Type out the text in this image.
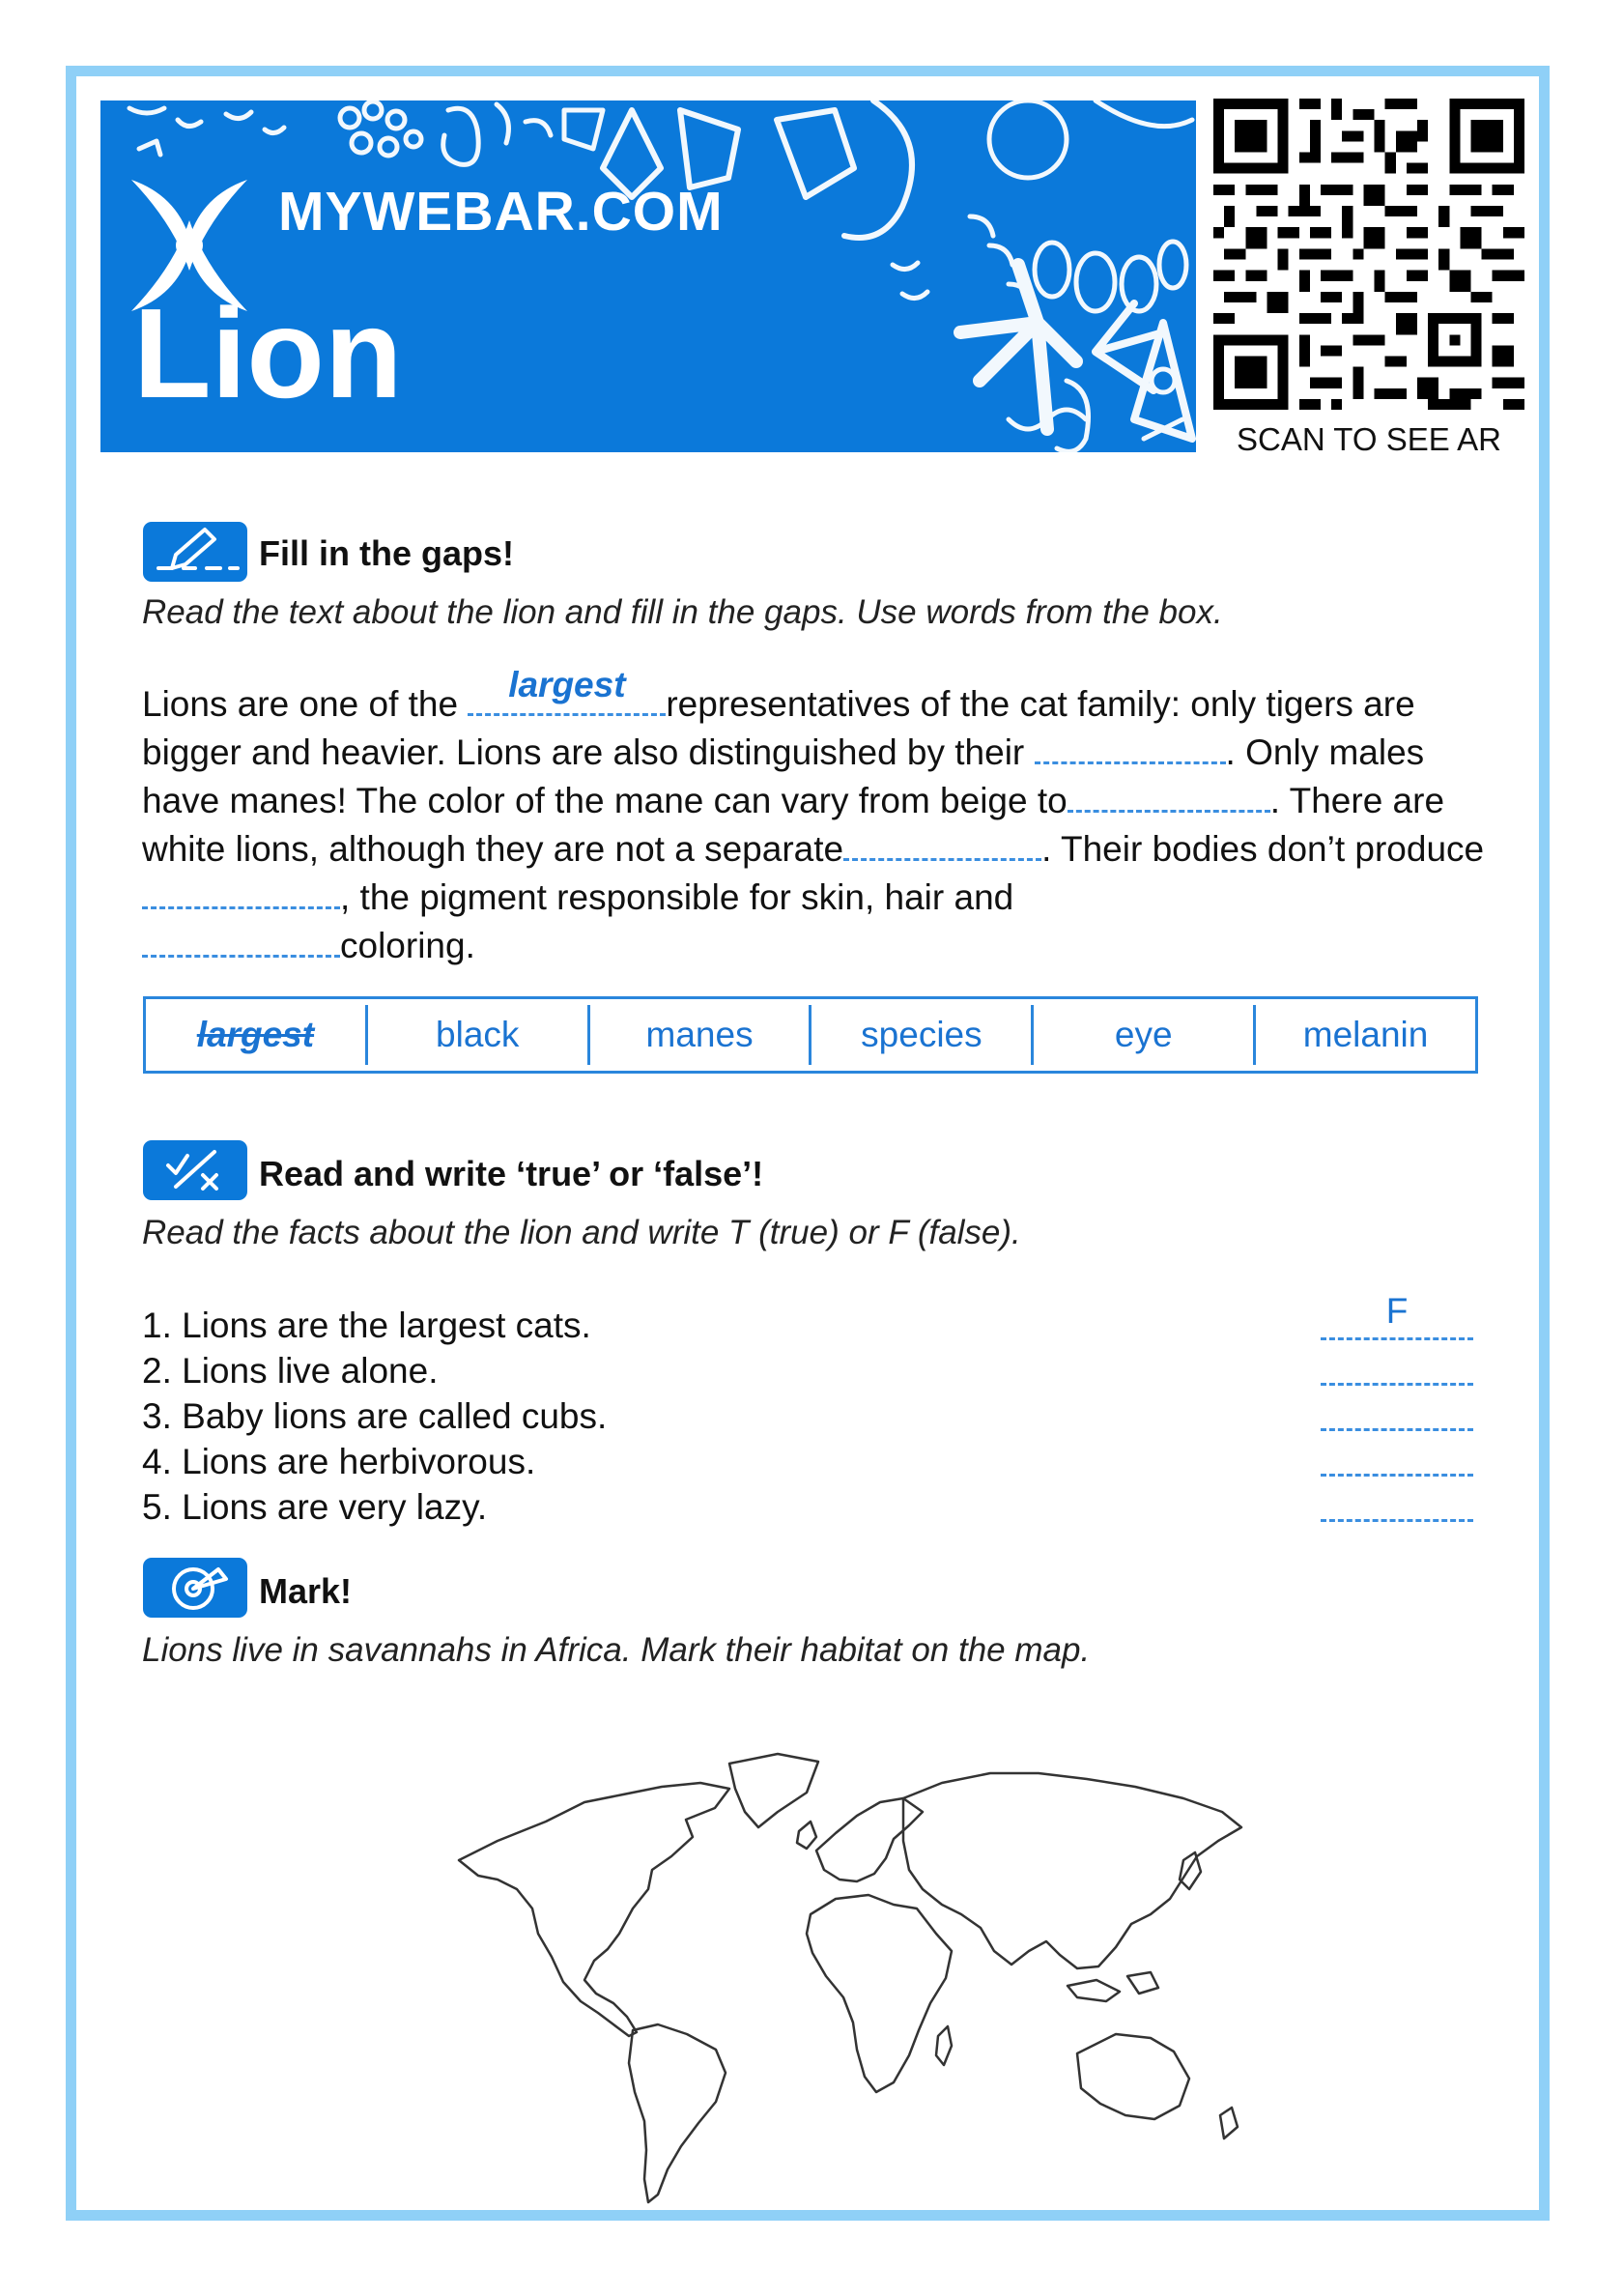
MYWEBAR.COM
Lion
SCAN TO SEE AR
Fill in the gaps!
Read the text about the lion and fill in the gaps. Use words from the box.
Lions are one of the	largest	representatives of the cat family: only tigers are bigger and heavier. Lions are also distinguished by their	. Only males have manes! The color of the mane can vary from beige to	. There are white lions, although they are not a separate	. Their bodies don’t produce, the pigment responsible for skin, hair and
coloring.
largest	black	manes	species	eye	melanin
Read and write ‘true’ or ‘false’!
Read the facts about the lion and write T (true) or F (false).
1. Lions are the largest cats.	F
2. Lions live alone.
3. Baby lions are called cubs.
4. Lions are herbivorous.
5. Lions are very lazy.
Mark!
Lions live in savannahs in Africa. Mark their habitat on the map.
